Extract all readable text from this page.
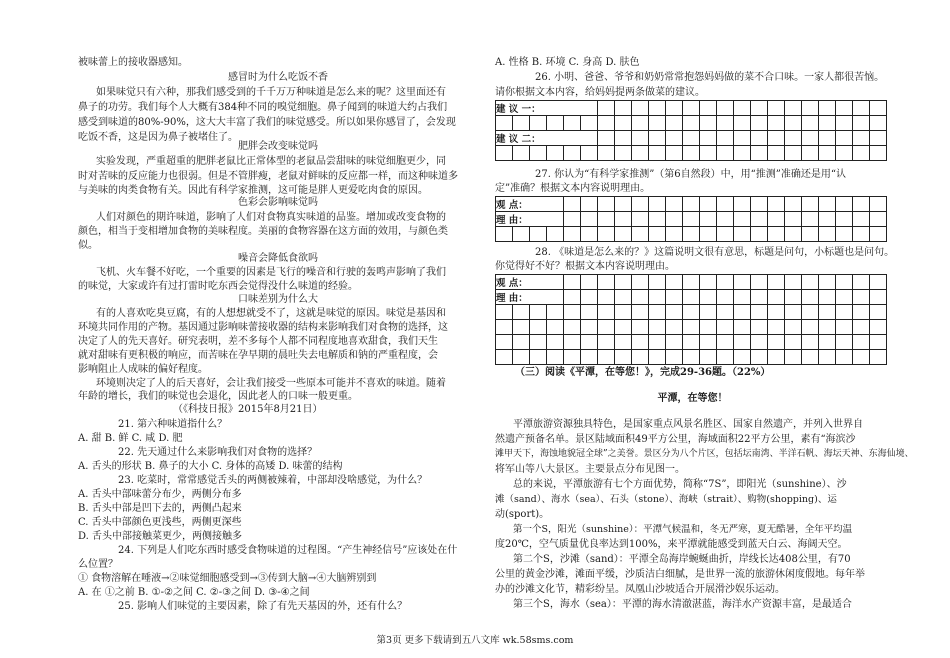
被味蕾上的接收器感知。
感冒时为什么吃饭不香
如果味觉只有六种，那我们感受到的千千万万种味道是怎么来的呢？这里面还有
鼻子的功劳。我们每个人大概有384种不同的嗅觉细胞。鼻子闻到的味道大约占我们
感受到味道的80%-90%，这大大丰富了我们的味觉感受。所以如果你感冒了，会发现
吃饭不香，这是因为鼻子被堵住了。
肥胖会改变味觉吗
实验发现，严重超重的肥胖老鼠比正常体型的老鼠品尝甜味的味觉细胞更少，同
时对苦味的反应能力也很弱。但是不管胖瘦，老鼠对鲜味的反应都一样，而这种味道多
与美味的肉类食物有关。因此有科学家推测，这可能是胖人更爱吃肉食的原因。
色彩会影响味觉吗
人们对颜色的期许味道，影响了人们对食物真实味道的品鉴。增加或改变食物的
颜色，相当于变相增加食物的美味程度。美丽的食物容器在这方面的效用，与颜色类
似。
噪音会降低食欲吗
飞机、火车餐不好吃，一个重要的因素是飞行的噪音和行驶的轰鸣声影响了我们
的味觉，大家或许有过打雷时吃东西会觉得没什么味道的经验。
口味差别为什么大
有的人喜欢吃臭豆腐，有的人想想就受不了，这就是味觉的原因。味觉是基因和
环境共同作用的产物。基因通过影响味蕾接收器的结构来影响我们对食物的选择，这
决定了人的先天喜好。研究表明，差不多每个人都不同程度地喜欢甜食，我们天生
就对甜味有更积极的响应，而苦味在孕早期的晨吐失去电解质和钠的严重程度，会
影响阻止人成味的偏好程度。
环境则决定了人的后天喜好，会让我们接受一些原本可能并不喜欢的味道。随着
年龄的增长，我们的味觉也会退化，因此老人的口味一般更重。
（《科技日报》2015年8月21日）
21. 第六种味道指什么？
A. 甜 B. 鲜 C. 咸 D. 肥
22. 先天通过什么来影响我们对食物的选择？
A. 舌头的形状 B. 鼻子的大小 C. 身体的高矮 D. 味蕾的结构
23. 吃菜时，常常感觉舌头的两侧被辣着，中部却没啥感觉，为什么？
A. 舌头中部味蕾分布少，两侧分布多
B. 舌头中部是凹下去的，两侧凸起来
C. 舌头中部颜色更浅些，两侧更深些
D. 舌头中部接触菜更少，两侧接触多
24. 下列是人们吃东西时感受食物味道的过程图。“产生神经信号”应该处在什
么位置？
① 食物溶解在唾液→②味觉细胞感受到→③传到大脑→④大脑辨别到
A. 在 ①之前 B. ①-②之间 C. ②-③之间 D. ③-④之间
25. 影响人们味觉的主要因素，除了有先天基因的外，还有什么？
A. 性格 B. 环境 C. 身高 D. 肤色
26. 小明、爸爸、爷爷和奶奶常常抱怨妈妈做的菜不合口味。一家人都很苦恼。
请你根据文本内容，给妈妈提两条做菜的建议。
建 议 一：																						

建 议 二：																						

27. 你认为“有科学家推测”（第6自然段）中，用“推测”准确还是用“认
定”准确？根据文本内容说明理由。
观 点：																						
理 由：																						

28. 《味道是怎么来的？》这篇说明文很有意思，标题是问句，小标题也是问句。
你觉得好不好？根据文本内容说明理由。
观 点：																						
理 由：																						

（三）阅读《平潭，在等您！》，完成29-36题。（22%）
平潭，在等您！
平潭旅游资源独具特色，是国家重点风景名胜区、国家自然遗产，并列入世界自
然遗产预备名单。景区陆域面积49平方公里，海域面积22平方公里，素有“海滨沙
滩甲天下，海蚀地貌冠全球”之美誉。景区分为八个片区，包括坛南湾、半洋石帆、海坛天神、东海仙境、
将军山等八大景区。主要景点分布见图一。
总的来说，平潭旅游有七个方面优势，简称“7S”，即阳光（sunshine）、沙
滩（sand）、海水（sea）、石头（stone）、海峡（strait）、购物(shopping)、运
动(sport)。
第一个S，阳光（sunshine）：平潭气候温和，冬无严寒，夏无酷暑，全年平均温
度20℃，空气质量优良率达到100%，来平潭就能感受到蓝天白云、海阔天空。
第二个S，沙滩（sand）：平潭全岛海岸蜿蜒曲折，岸线长达408公里，有70
公里的黄金沙滩，滩面平缓，沙质洁白细腻，是世界一流的旅游休闲度假地。每年举
办的沙滩文化节，精彩纷呈。凤凰山沙坡适合开展滑沙娱乐运动。
第三个S，海水（sea）：平潭的海水清澈湛蓝，海洋水产资源丰富，是最适合
第3页 更多下载请到五八文库 wk.58sms.com
